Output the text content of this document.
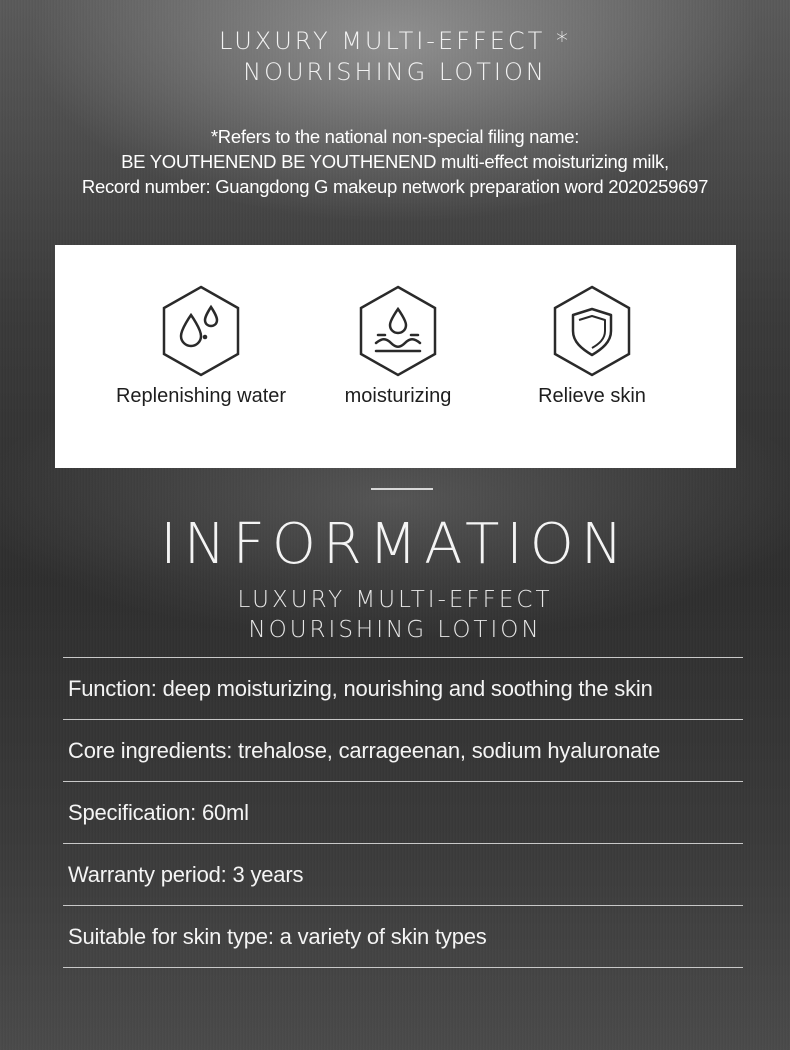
LUXURY MULTI-EFFECT *
NOURISHING LOTION
*Refers to the national non-special filing name:
BE YOUTHENEND BE YOUTHENEND multi-effect moisturizing milk,
Record number: Guangdong G makeup network preparation word 2020259697
Replenishing water	moisturizing	Relieve skin
INFORMATION
LUXURY MULTI-EFFECT
NOURISHING LOTION
Function: deep moisturizing, nourishing and soothing the skin
Core ingredients: trehalose, carrageenan, sodium hyaluronate
Specification: 60ml
Warranty period: 3 years
Suitable for skin type: a variety of skin types
